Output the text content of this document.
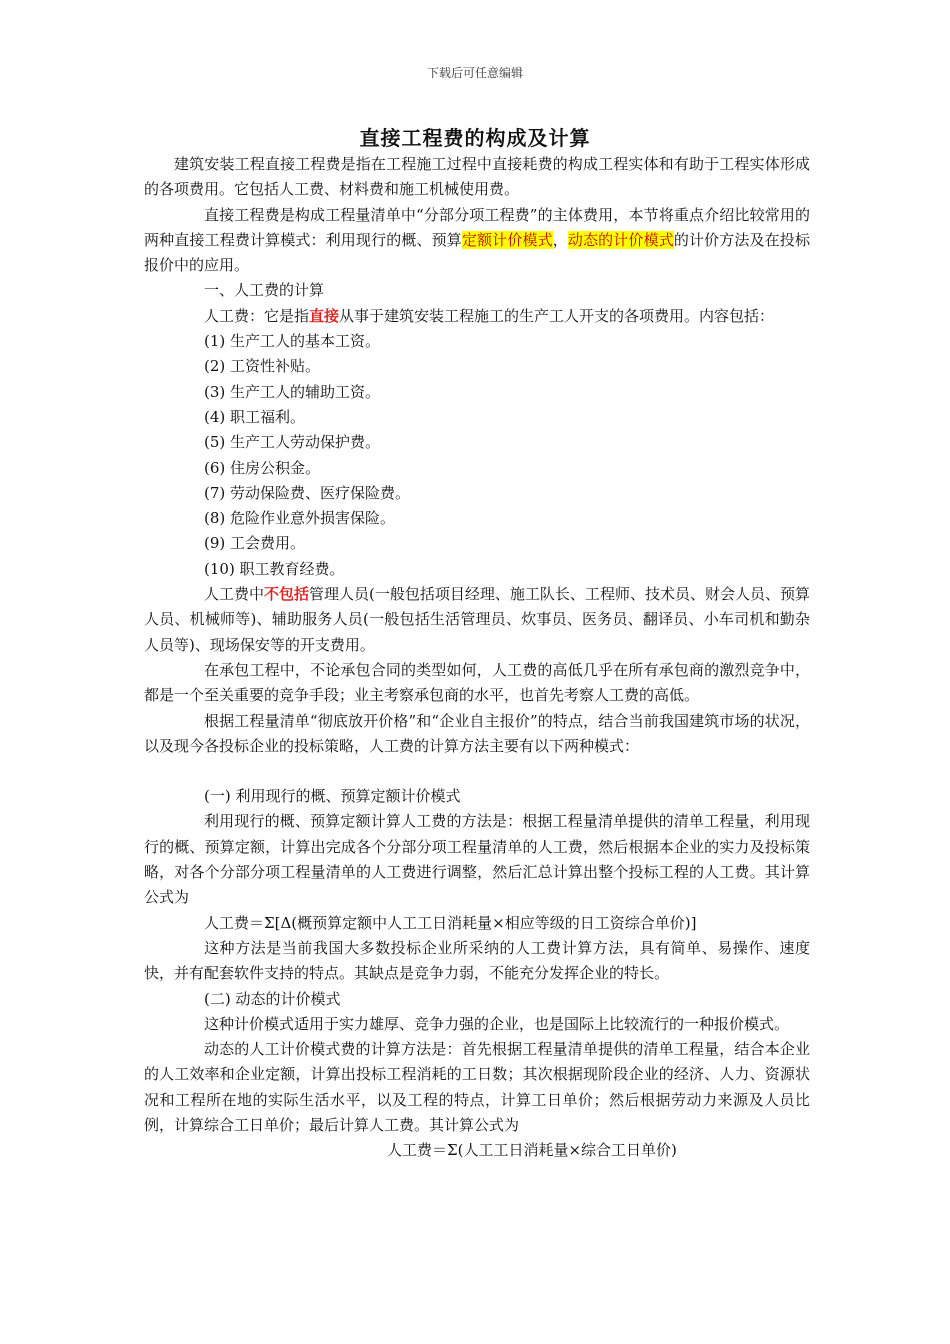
下载后可任意编辑
直接工程费的构成及计算

建筑安装工程直接工程费是指在工程施工过程中直接耗费的构成工程实体和有助于工程实体形成的各项费用。它包括人工费、材料费和施工机械使用费。

直接工程费是构成工程量清单中“分部分项工程费”的主体费用，本节将重点介绍比较常用的两种直接工程费计算模式：利用现行的概、预算定额计价模式，动态的计价模式的计价方法及在投标报价中的应用。

一、人工费的计算

人工费：它是指直接从事于建筑安装工程施工的生产工人开支的各项费用。内容包括：

(1) 生产工人的基本工资。

(2) 工资性补贴。

(3) 生产工人的辅助工资。

(4) 职工福利。

(5) 生产工人劳动保护费。

(6) 住房公积金。

(7) 劳动保险费、医疗保险费。

(8) 危险作业意外损害保险。

(9) 工会费用。

(10) 职工教育经费。

人工费中不包括管理人员(一般包括项目经理、施工队长、工程师、技术员、财会人员、预算人员、机械师等)、辅助服务人员(一般包括生活管理员、炊事员、医务员、翻译员、小车司机和勤杂人员等)、现场保安等的开支费用。

在承包工程中，不论承包合同的类型如何，人工费的高低几乎在所有承包商的激烈竞争中，都是一个至关重要的竞争手段；业主考察承包商的水平，也首先考察人工费的高低。

根据工程量清单“彻底放开价格”和“企业自主报价”的特点，结合当前我国建筑市场的状况，以及现今各投标企业的投标策略，人工费的计算方法主要有以下两种模式：

(一) 利用现行的概、预算定额计价模式

利用现行的概、预算定额计算人工费的方法是：根据工程量清单提供的清单工程量，利用现行的概、预算定额，计算出完成各个分部分项工程量清单的人工费，然后根据本企业的实力及投标策略，对各个分部分项工程量清单的人工费进行调整，然后汇总计算出整个投标工程的人工费。其计算公式为

人工费＝Σ[Δ(概预算定额中人工工日消耗量×相应等级的日工资综合单价)]

这种方法是当前我国大多数投标企业所采纳的人工费计算方法，具有简单、易操作、速度快，并有配套软件支持的特点。其缺点是竞争力弱，不能充分发挥企业的特长。

(二) 动态的计价模式

这种计价模式适用于实力雄厚、竞争力强的企业，也是国际上比较流行的一种报价模式。

动态的人工计价模式费的计算方法是：首先根据工程量清单提供的清单工程量，结合本企业的人工效率和企业定额，计算出投标工程消耗的工日数；其次根据现阶段企业的经济、人力、资源状况和工程所在地的实际生活水平，以及工程的特点，计算工日单价；然后根据劳动力来源及人员比例，计算综合工日单价；最后计算人工费。其计算公式为

人工费＝Σ(人工工日消耗量×综合工日单价)
